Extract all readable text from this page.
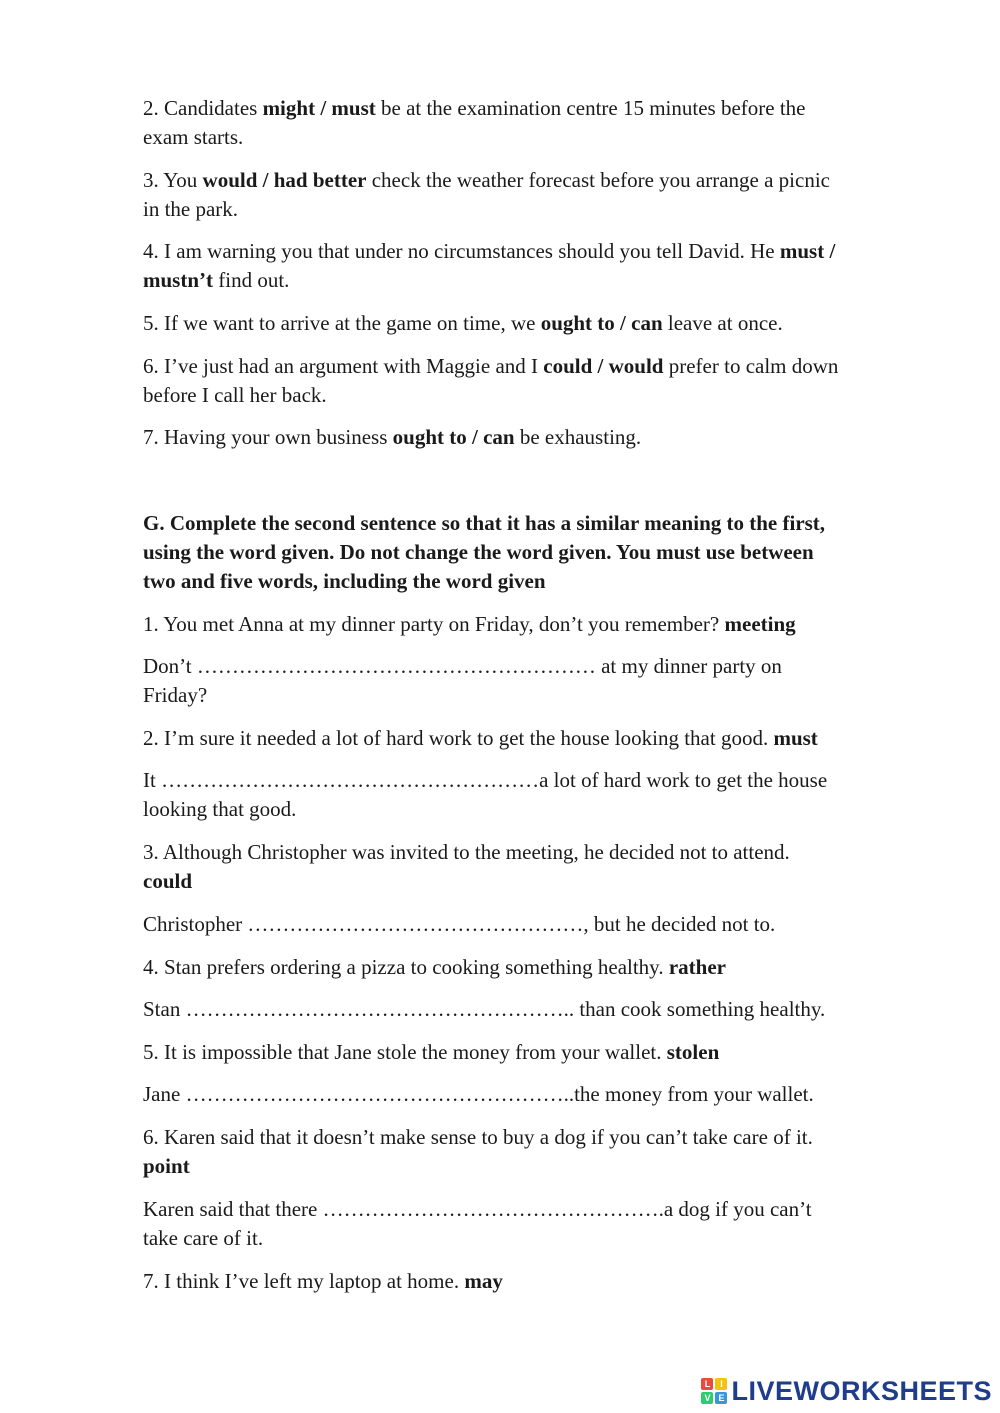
2. Candidates might / must be at the examination centre 15 minutes before the
exam starts.
3. You would / had better check the weather forecast before you arrange a picnic
in the park.
4. I am warning you that under no circumstances should you tell David. He must /
mustn’t find out.
5. If we want to arrive at the game on time, we ought to / can leave at once.
6. I’ve just had an argument with Maggie and I could / would prefer to calm down
before I call her back.
7. Having your own business ought to / can be exhausting.
G. Complete the second sentence so that it has a similar meaning to the first,
using the word given. Do not change the word given. You must use between
two and five words, including the word given
1. You met Anna at my dinner party on Friday, don’t you remember? meeting
Don’t ………………………………………………… at my dinner party on
Friday?
2. I’m sure it needed a lot of hard work to get the house looking that good. must
It ………………………………………………a lot of hard work to get the house
looking that good.
3. Although Christopher was invited to the meeting, he decided not to attend.
could
Christopher …………………………………………, but he decided not to.
4. Stan prefers ordering a pizza to cooking something healthy. rather
Stan ……………………………………………….. than cook something healthy.
5. It is impossible that Jane stole the money from your wallet. stolen
Jane ………………………………………………..the money from your wallet.
6. Karen said that it doesn’t make sense to buy a dog if you can’t take care of it.
point
Karen said that there ………………………………………….a dog if you can’t
take care of it.
7. I think I’ve left my laptop at home. may
L	I
V E LIVEWORKSHEETS
